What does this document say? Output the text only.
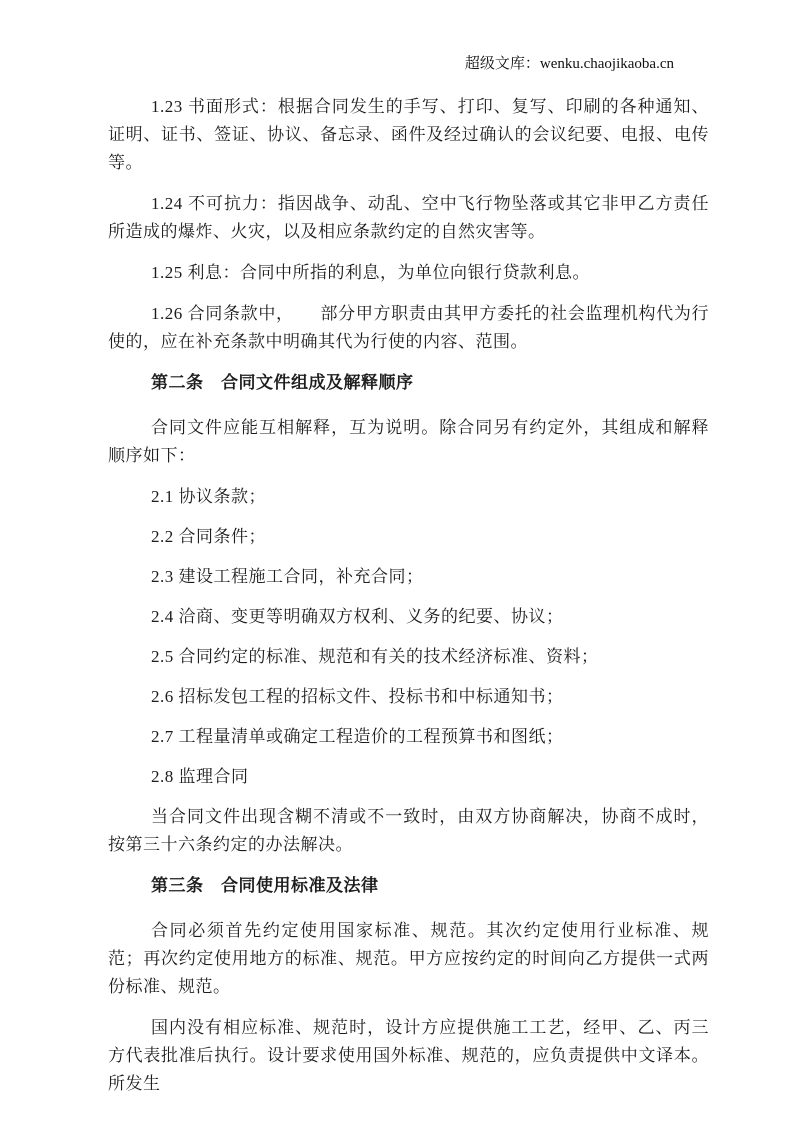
超级文库：wenku.chaojikaoba.cn

1.23 书面形式：根据合同发生的手写、打印、复写、印刷的各种通知、证明、证书、签证、协议、备忘录、函件及经过确认的会议纪要、电报、电传等。

1.24 不可抗力：指因战争、动乱、空中飞行物坠落或其它非甲乙方责任所造成的爆炸、火灾，以及相应条款约定的自然灾害等。

1.25 利息：合同中所指的利息，为单位向银行贷款利息。

1.26 合同条款中，　　部分甲方职责由其甲方委托的社会监理机构代为行使的，应在补充条款中明确其代为行使的内容、范围。

第二条　合同文件组成及解释顺序

合同文件应能互相解释，互为说明。除合同另有约定外，其组成和解释顺序如下：

2.1 协议条款；

2.2 合同条件；

2.3 建设工程施工合同，补充合同；

2.4 洽商、变更等明确双方权利、义务的纪要、协议；

2.5 合同约定的标准、规范和有关的技术经济标准、资料；

2.6 招标发包工程的招标文件、投标书和中标通知书；

2.7 工程量清单或确定工程造价的工程预算书和图纸；

2.8 监理合同

当合同文件出现含糊不清或不一致时，由双方协商解决，协商不成时，按第三十六条约定的办法解决。

第三条　合同使用标准及法律

合同必须首先约定使用国家标准、规范。其次约定使用行业标准、规范；再次约定使用地方的标准、规范。甲方应按约定的时间向乙方提供一式两份标准、规范。

国内没有相应标准、规范时，设计方应提供施工工艺，经甲、乙、丙三方代表批准后执行。设计要求使用国外标准、规范的，应负责提供中文译本。所发生
